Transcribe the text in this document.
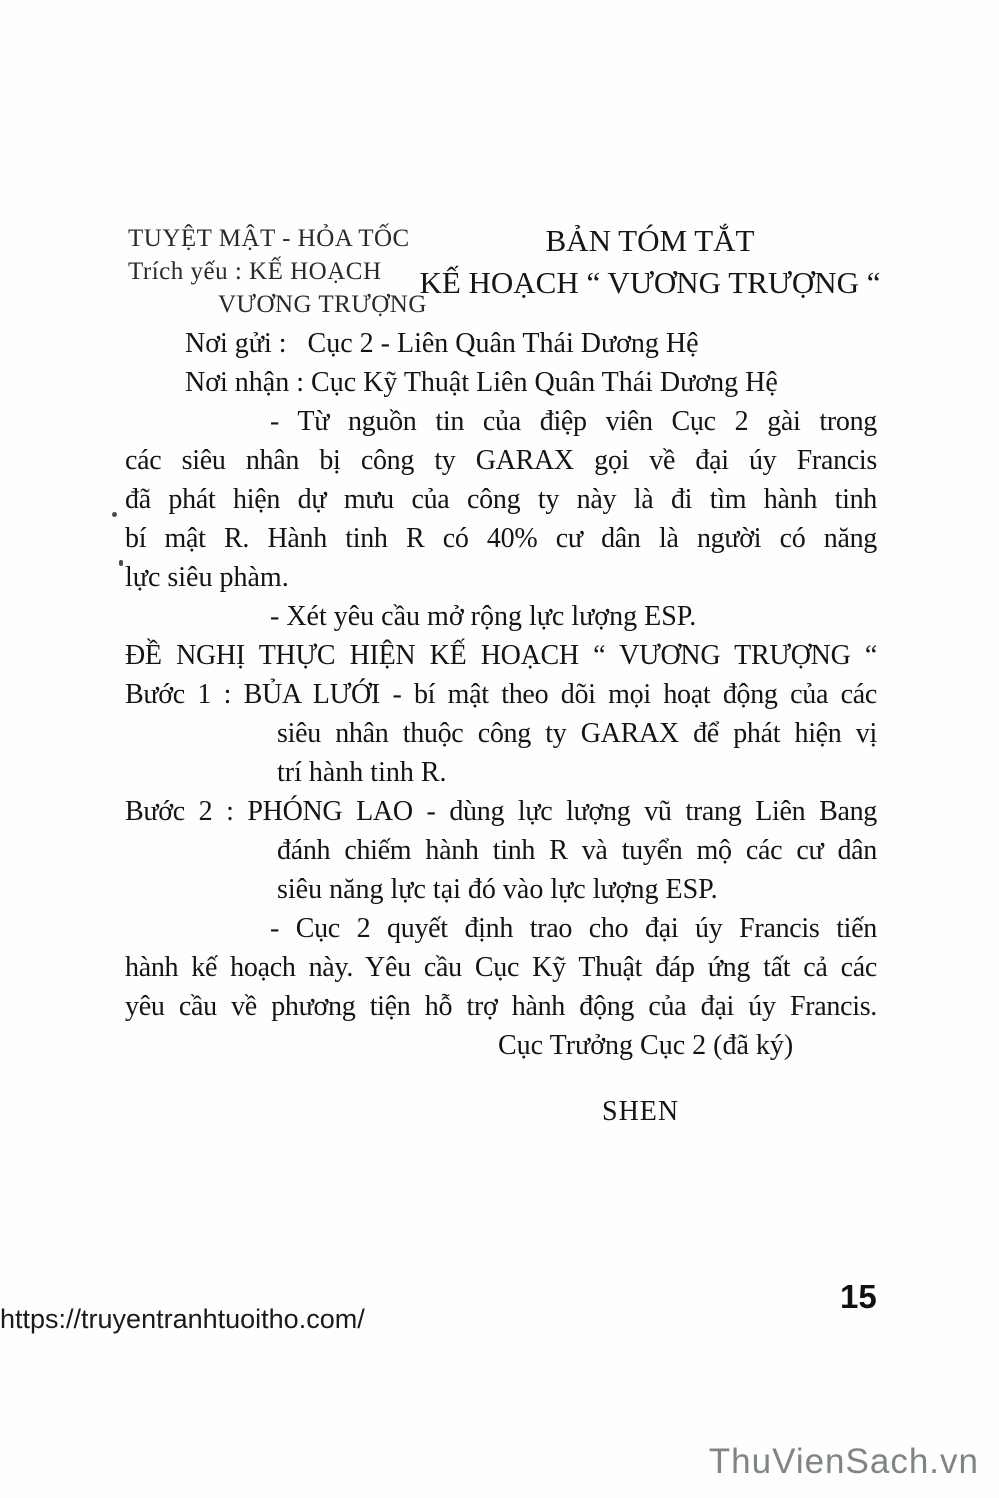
TUYỆT MẬT - HỎA TỐC
Trích yếu : KẾ HOẠCH
VƯƠNG TRƯỢNG
BẢN TÓM TẮT
KẾ HOẠCH “ VƯƠNG TRƯỢNG “
Nơi gửi :   Cục 2 - Liên Quân Thái Dương Hệ
Nơi nhận : Cục Kỹ Thuật Liên Quân Thái Dương Hệ
- Từ nguồn tin của điệp viên Cục 2 gài trong
các siêu nhân bị công ty GARAX gọi về đại úy Francis
đã phát hiện dự mưu của công ty này là đi tìm hành tinh
bí mật R. Hành tinh R có 40% cư dân là người có năng
lực siêu phàm.
- Xét yêu cầu mở rộng lực lượng ESP.
ĐỀ NGHỊ THỰC HIỆN KẾ HOẠCH “ VƯƠNG TRƯỢNG “
Bước 1 : BỦA LƯỚI - bí mật theo dõi mọi hoạt động của các
siêu nhân thuộc công ty GARAX để phát hiện vị
trí hành tinh R.
Bước 2 : PHÓNG LAO - dùng lực lượng vũ trang Liên Bang
đánh chiếm hành tinh R và tuyển mộ các cư dân
siêu năng lực tại đó vào lực lượng ESP.
- Cục 2 quyết định trao cho đại úy Francis tiến
hành kế hoạch này. Yêu cầu Cục Kỹ Thuật đáp ứng tất cả các
yêu cầu về phương tiện hỗ trợ hành động của đại úy Francis.
Cục Trưởng Cục 2 (đã ký)
SHEN
15
https://truyentranhtuoitho.com/
ThuVienSach.vn
